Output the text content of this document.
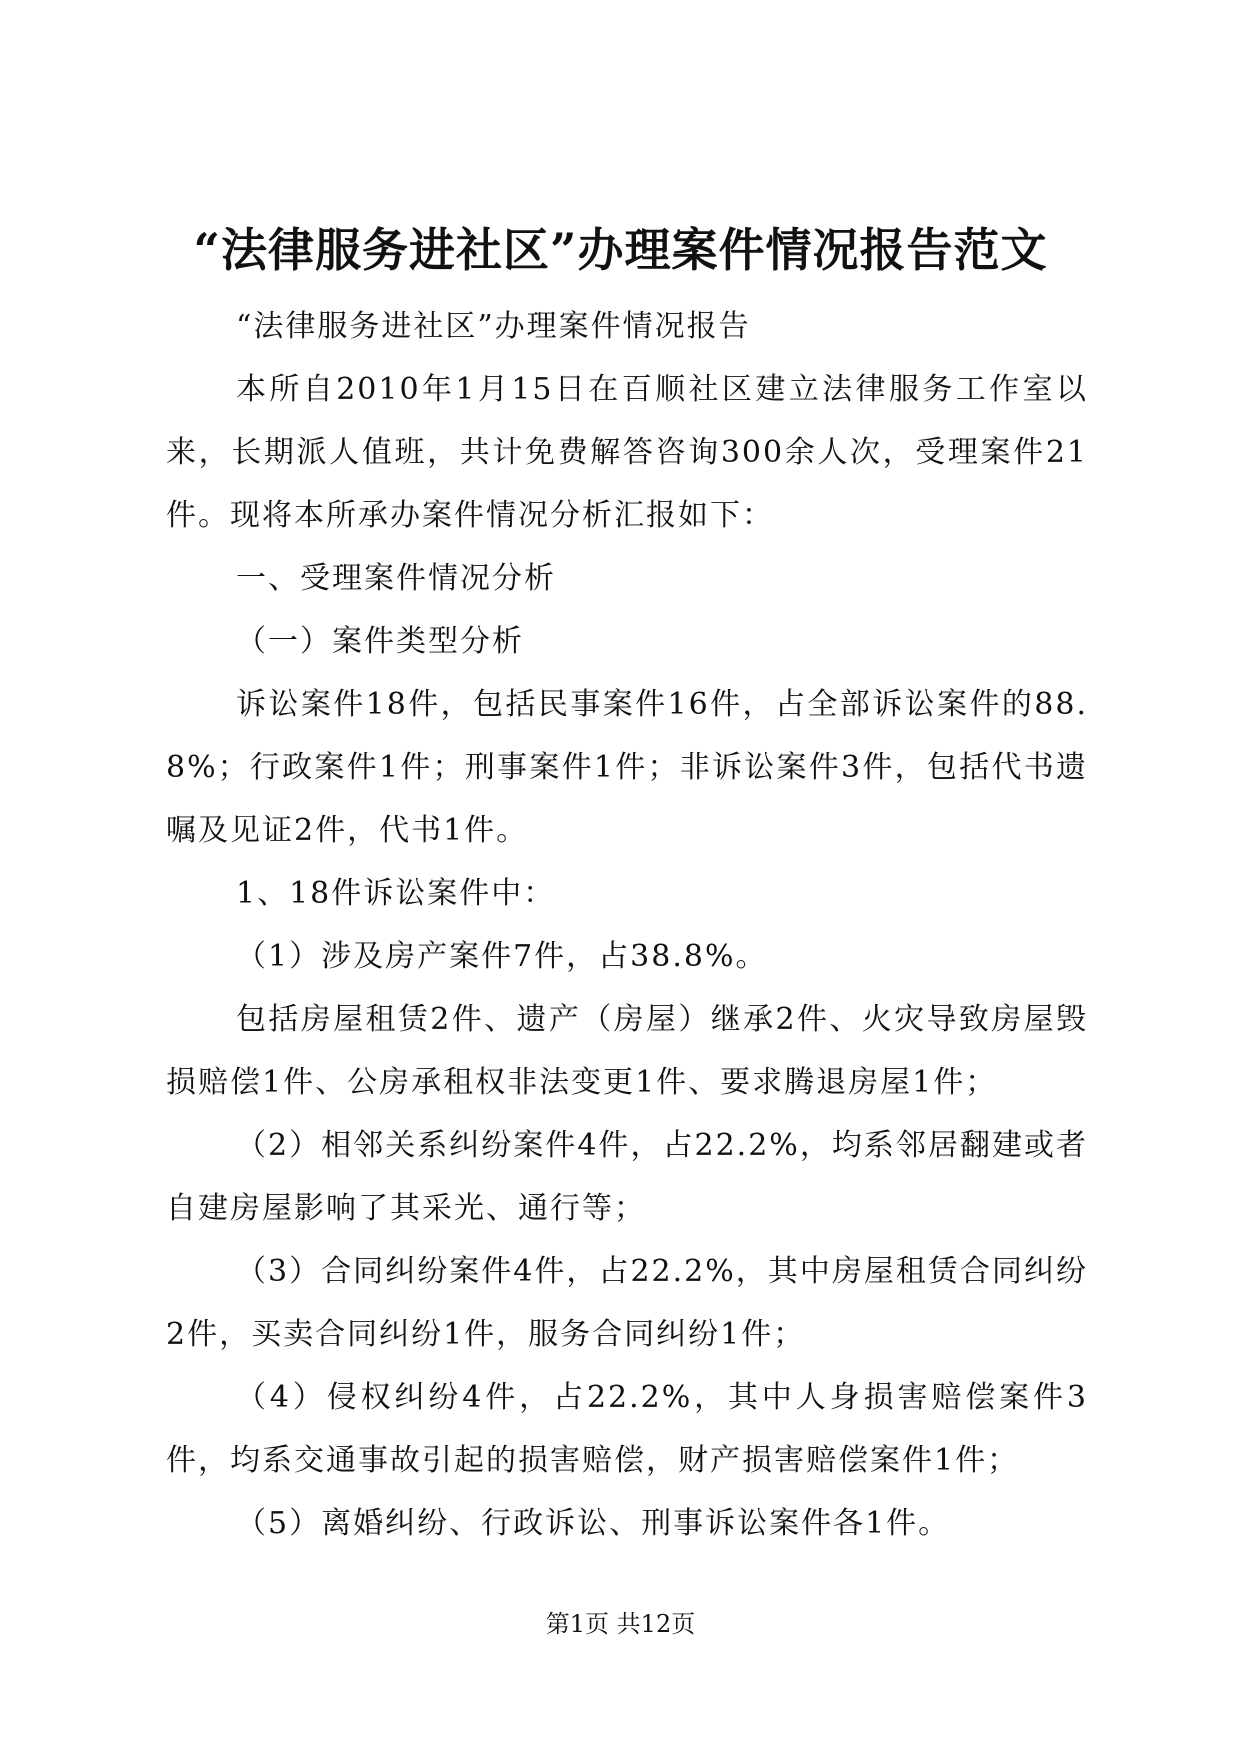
“法律服务进社区”办理案件情况报告范文

“法律服务进社区”办理案件情况报告

本所自2010年1月15日在百顺社区建立法律服务工作室以来，长期派人值班，共计免费解答咨询300余人次，受理案件21件。现将本所承办案件情况分析汇报如下：

一、受理案件情况分析

（一）案件类型分析

诉讼案件18件，包括民事案件16件，占全部诉讼案件的88.8%；行政案件1件；刑事案件1件；非诉讼案件3件，包括代书遗嘱及见证2件，代书1件。

1、18件诉讼案件中：

（1）涉及房产案件7件，占38.8%。

包括房屋租赁2件、遗产（房屋）继承2件、火灾导致房屋毁损赔偿1件、公房承租权非法变更1件、要求腾退房屋1件；

（2）相邻关系纠纷案件4件，占22.2%，均系邻居翻建或者自建房屋影响了其采光、通行等；

（3）合同纠纷案件4件，占22.2%，其中房屋租赁合同纠纷2件，买卖合同纠纷1件，服务合同纠纷1件；

（4）侵权纠纷4件，占22.2%，其中人身损害赔偿案件3件，均系交通事故引起的损害赔偿，财产损害赔偿案件1件；

（5）离婚纠纷、行政诉讼、刑事诉讼案件各1件。

第1页 共12页
